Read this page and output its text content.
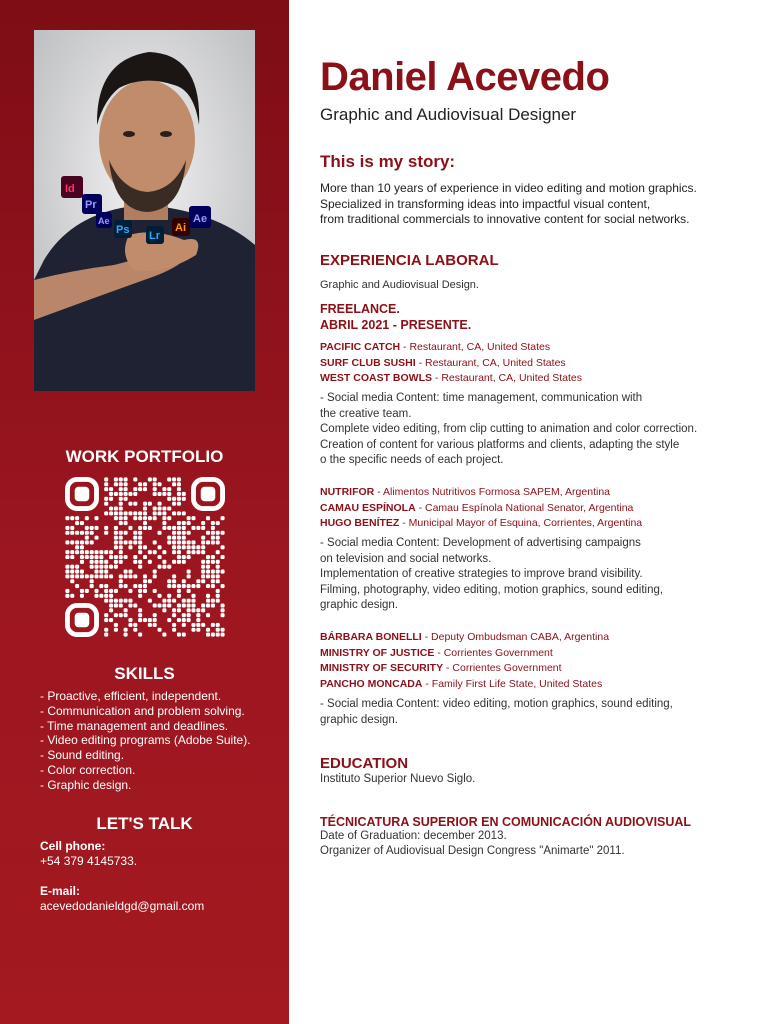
Id
Pr
Ae
Ai
Ps Lr
Ae
WORK PORTFOLIO
SKILLS
- Proactive, efficient, independent.
- Communication and problem solving.
- Time management and deadlines.
- Video editing programs (Adobe Suite).
- Sound editing.
- Color correction.
- Graphic design.
LET'S TALK
Cell phone:
+54 379 4145733.
E-mail:
acevedodanieldgd@gmail.com
Daniel Acevedo
Graphic and Audiovisual Designer
This is my story:
More than 10 years of experience in video editing and motion graphics.
Specialized in transforming ideas into impactful visual content,
from traditional commercials to innovative content for social networks.
EXPERIENCIA LABORAL
Graphic and Audiovisual Design.
FREELANCE.
ABRIL 2021 - PRESENTE.
PACIFIC CATCH - Restaurant, CA, United States
SURF CLUB SUSHI - Restaurant, CA, United States
WEST COAST BOWLS - Restaurant, CA, United States
- Social media Content: time management, communication with
the creative team.
Complete video editing, from clip cutting to animation and color correction.
Creation of content for various platforms and clients, adapting the style
o the specific needs of each project.
NUTRIFOR - Alimentos Nutritivos Formosa SAPEM, Argentina
CAMAU ESPÍNOLA - Camau Espínola National Senator, Argentina
HUGO BENÍTEZ - Municipal Mayor of Esquina, Corrientes, Argentina
- Social media Content: Development of advertising campaigns
on television and social networks.
Implementation of creative strategies to improve brand visibility.
Filming, photography, video editing, motion graphics, sound editing,
graphic design.
BÁRBARA BONELLI - Deputy Ombudsman CABA, Argentina
MINISTRY OF JUSTICE - Corrientes Government
MINISTRY OF SECURITY - Corrientes Government
PANCHO MONCADA - Family First Life State, United States
- Social media Content: video editing, motion graphics, sound editing,
graphic design.
EDUCATION
Instituto Superior Nuevo Siglo.
TÉCNICATURA SUPERIOR EN COMUNICACIÓN AUDIOVISUAL
Date of Graduation: december 2013.
Organizer of Audiovisual Design Congress "Animarte" 2011.
